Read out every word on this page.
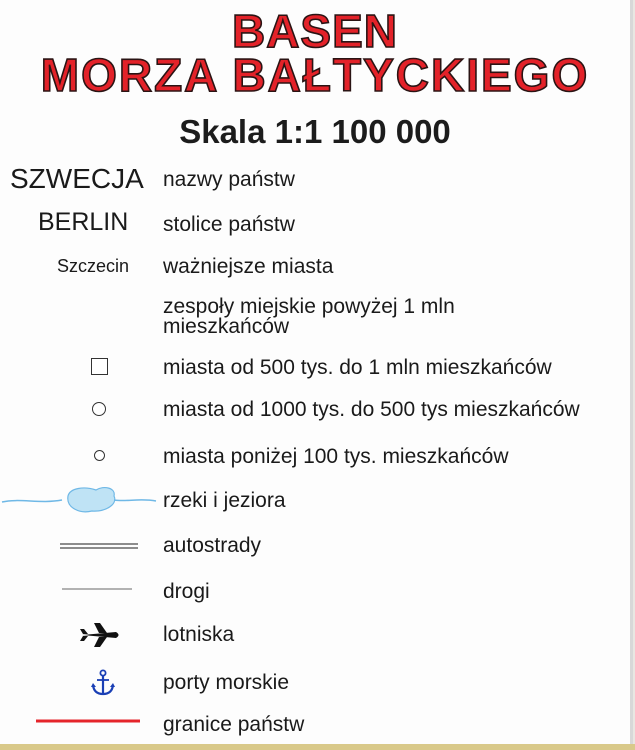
BASEN
MORZA BAŁTYCKIEGO
Skala 1:1 100 000
SZWECJA nazwy państw
BERLIN stolice państw
Szczecin ważniejsze miasta
zespoły miejskie powyżej 1 mln
mieszkańców
miasta od 500 tys. do 1 mln mieszkańców
miasta od 1000 tys. do 500 tys mieszkańców
miasta poniżej 100 tys. mieszkańców
rzeki i jeziora
autostrady
drogi
lotniska
porty morskie
granice państw
